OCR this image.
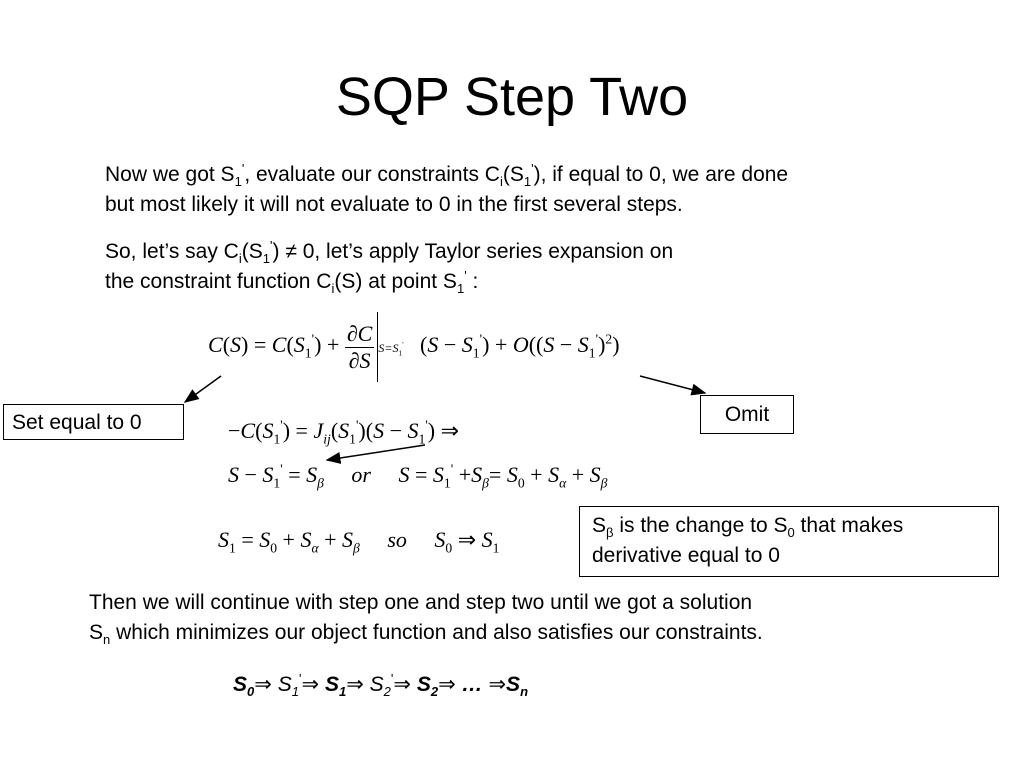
SQP Step Two
Now we got $S_1'$, evaluate our constraints $C_i(S_1')$, if equal to 0, we are done
but most likely it will not evaluate to 0 in the first several steps.
So, let’s say $C_i(S_1') \ne 0$, let’s apply Taylor series expansion on
the constraint function $C_i(S)$ at point $S_1'$ :
$C(S) = C(S_1') + \frac{\partial C}{\partial S} S=S_1'$ $(S - S_1') + O((S - S_1')^2)$
Set equal to 0	Omit
$-C(S_1') = J_{ij}(S_1')(S - S_1')$ ⇒
$S - S_1' = S_\beta$     or     $S = S_1' +S_\beta= S_0 + S_\alpha + S_\beta$
$S_1 = S_0 + S_\alpha + S_\beta$     so     $S_0$ ⇒ $S_1$
$S_\beta$ is the change to $S_0$ that makes
derivative equal to 0
Then we will continue with step one and step two until we got a solution
$S_n$ which minimizes our object function and also satisfies our constraints.
$S_0\Rightarrow$ $S_1'\Rightarrow$ $S_1\Rightarrow$ $S_2'\Rightarrow$ $S_2\Rightarrow$ … $\Rightarrow S_n$
